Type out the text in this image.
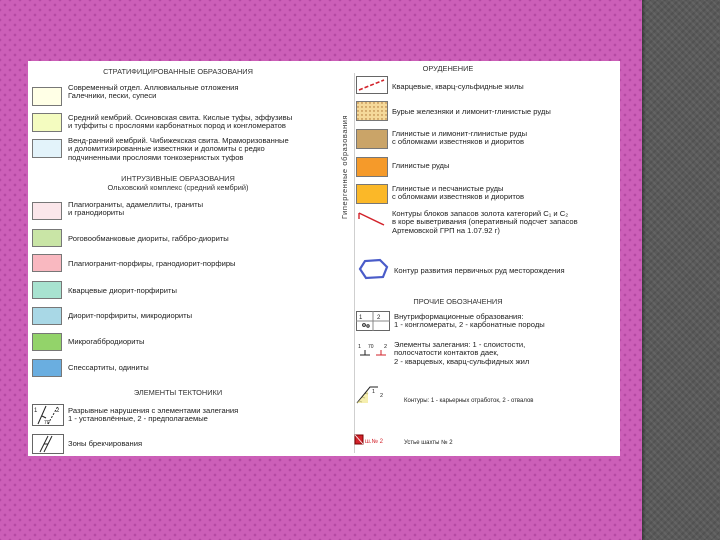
СТРАТИФИЦИРОВАННЫЕ ОБРАЗОВАНИЯ
Современный отдел. Аллювиальные отложения
Галечники, пески, супеси
Средний кембрий. Осиновская свита. Кислые туфы, эффузивы
и туффиты с прослоями карбонатных пород и конгломератов
Венд-ранний кембрий. Чибижекская свита. Мраморизованные
и доломитизированные известняки и доломиты с редко
подчиненными прослоями тонкозернистых туфов
ИНТРУЗИВНЫЕ ОБРАЗОВАНИЯ
Ольховский комплекс (средний кембрий)
Плагиограниты, адамеллиты, граниты
и гранодиориты
Роговообманковые диориты, габбро-диориты
Плагиогранит-порфиры, гранодиорит-порфиры
Кварцевые диорит-порфириты
Диорит-порфириты, микродиориты
Микрогаббродиориты
Спессартиты, одиниты
ЭЛЕМЕНТЫ ТЕКТОНИКИ
1	2
70
Разрывные нарушения с элементами залегания
1 - установлённые, 2 - предполагаемые
Зоны брекчирования
Гипергенные образования
ОРУДЕНЕНИЕ
Кварцевые, кварц-сульфидные жилы
Бурые железняки и лимонит-глинистые руды
Глинистые и лимонит-глинистые руды
с обломками известняков и диоритов
Глинистые руды
Глинистые и песчанистые руды
с обломками известняков и диоритов
Контуры блоков запасов золота категорий С₁ и С₂
в коре выветривания (оперативный подсчет запасов
Артемовской ГРП на 1.07.92 г)
Контур развития первичных руд месторождения
ПРОЧИЕ ОБОЗНАЧЕНИЯ
1 2 Внутриформационные образования:
1 - конгломераты, 2 - карбонатные породы
1 70 2 Элементы залегания: 1 - слоистости,
полосчатости контактов даек,
2 - кварцевых, кварц-сульфидных жил
1
2
Контуры: 1 - карьерных отработок, 2 - отвалов
ш.№ 2	Устье шахты № 2
